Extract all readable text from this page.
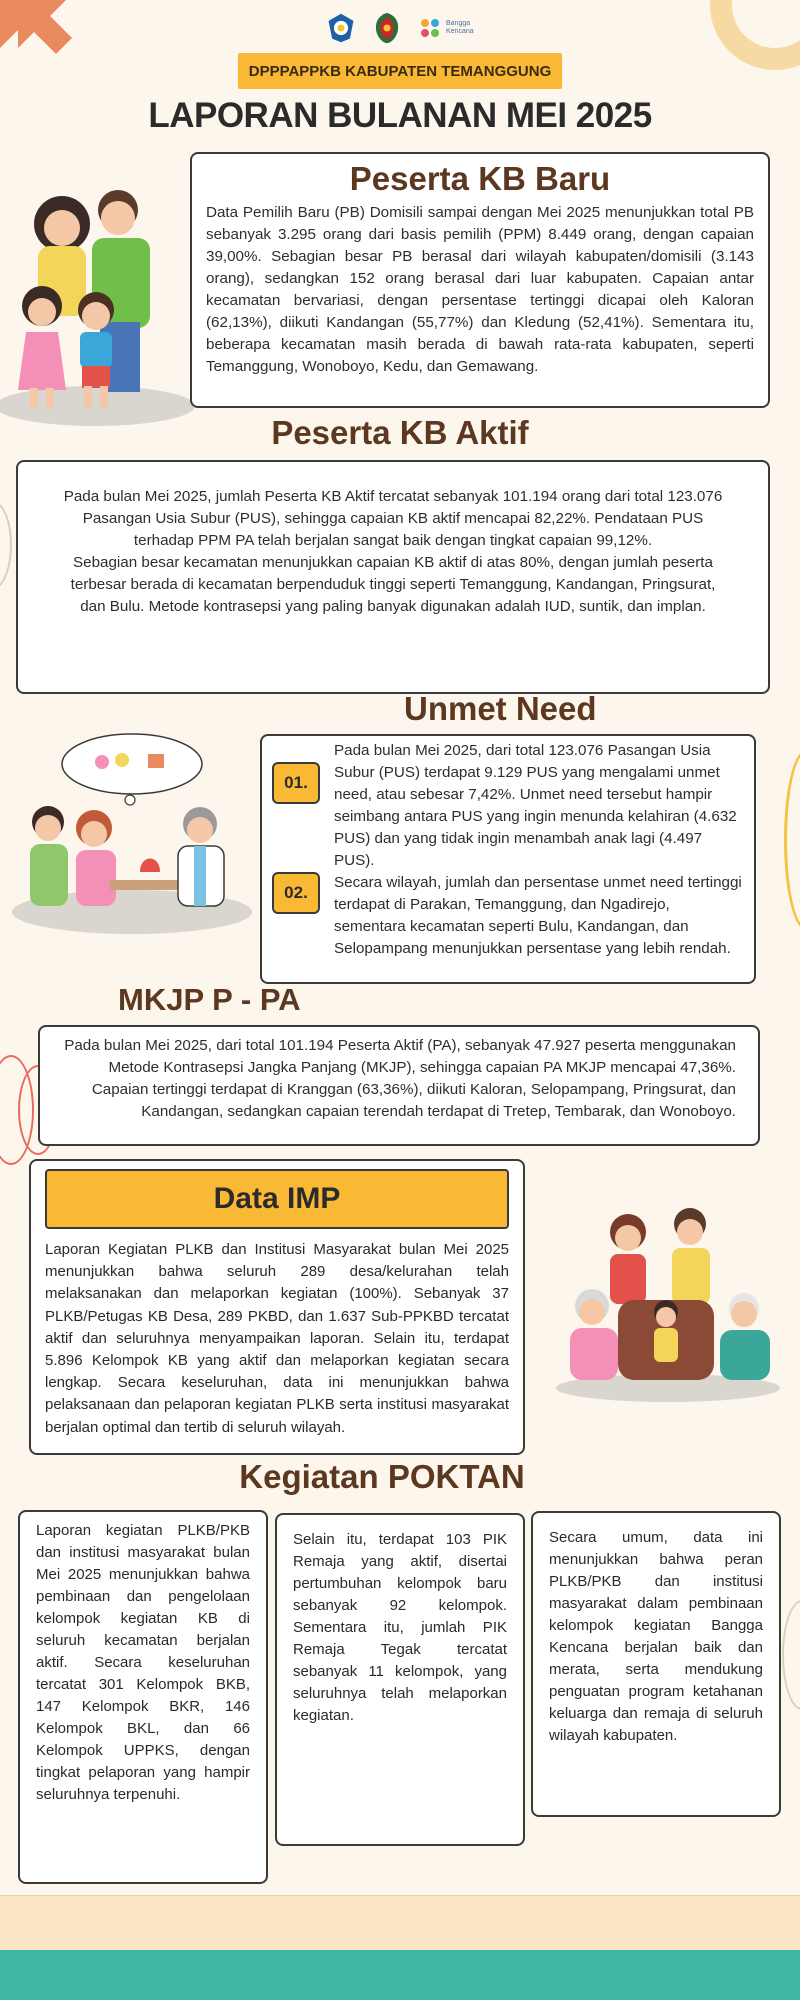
Bangga Kencana
DPPPAPPKB KABUPATEN TEMANGGUNG
LAPORAN BULANAN MEI 2025
Peserta KB Baru

Data Pemilih Baru (PB) Domisili sampai dengan Mei 2025 menunjukkan total PB sebanyak 3.295 orang dari basis pemilih (PPM) 8.449 orang, dengan capaian 39,00%. Sebagian besar PB berasal dari wilayah kabupaten/domisili (3.143 orang), sedangkan 152 orang berasal dari luar kabupaten. Capaian antar kecamatan bervariasi, dengan persentase tertinggi dicapai oleh Kaloran (62,13%), diikuti Kandangan (55,77%) dan Kledung (52,41%). Sementara itu, beberapa kecamatan masih berada di bawah rata-rata kabupaten, seperti Temanggung, Wonoboyo, Kedu, dan Gemawang.

Peserta KB Aktif

Pada bulan Mei 2025, jumlah Peserta KB Aktif tercatat sebanyak 101.194 orang dari total 123.076 Pasangan Usia Subur (PUS), sehingga capaian KB aktif mencapai 82,22%. Pendataan PUS terhadap PPM PA telah berjalan sangat baik dengan tingkat capaian 99,12%.

Sebagian besar kecamatan menunjukkan capaian KB aktif di atas 80%, dengan jumlah peserta terbesar berada di kecamatan berpenduduk tinggi seperti Temanggung, Kandangan, Pringsurat, dan Bulu. Metode kontrasepsi yang paling banyak digunakan adalah IUD, suntik, dan implan.

Unmet Need
01.

Pada bulan Mei 2025, dari total 123.076 Pasangan Usia Subur (PUS) terdapat 9.129 PUS yang mengalami unmet need, atau sebesar 7,42%. Unmet need tersebut hampir seimbang antara PUS yang ingin menunda kelahiran (4.632 PUS) dan yang tidak ingin menambah anak lagi (4.497 PUS).

02.

Secara wilayah, jumlah dan persentase unmet need tertinggi terdapat di Parakan, Temanggung, dan Ngadirejo, sementara kecamatan seperti Bulu, Kandangan, dan Selopampang menunjukkan persentase yang lebih rendah.

MKJP P - PA

Pada bulan Mei 2025, dari total 101.194 Peserta Aktif (PA), sebanyak 47.927 peserta menggunakan Metode Kontrasepsi Jangka Panjang (MKJP), sehingga capaian PA MKJP mencapai 47,36%. Capaian tertinggi terdapat di Kranggan (63,36%), diikuti Kaloran, Selopampang, Pringsurat, dan Kandangan, sedangkan capaian terendah terdapat di Tretep, Tembarak, dan Wonoboyo.

Data IMP

Laporan Kegiatan PLKB dan Institusi Masyarakat bulan Mei 2025 menunjukkan bahwa seluruh 289 desa/kelurahan telah melaksanakan dan melaporkan kegiatan (100%). Sebanyak 37 PLKB/Petugas KB Desa, 289 PKBD, dan 1.637 Sub-PPKBD tercatat aktif dan seluruhnya menyampaikan laporan. Selain itu, terdapat 5.896 Kelompok KB yang aktif dan melaporkan kegiatan secara lengkap. Secara keseluruhan, data ini menunjukkan bahwa pelaksanaan dan pelaporan kegiatan PLKB serta institusi masyarakat berjalan optimal dan tertib di seluruh wilayah.

Kegiatan POKTAN

Laporan kegiatan PLKB/PKB dan institusi masyarakat bulan Mei 2025 menunjukkan bahwa pembinaan dan pengelolaan kelompok kegiatan KB di seluruh kecamatan berjalan aktif. Secara keseluruhan tercatat 301 Kelompok BKB, 147 Kelompok BKR, 146 Kelompok BKL, dan 66 Kelompok UPPKS, dengan tingkat pelaporan yang hampir seluruhnya terpenuhi.

Selain itu, terdapat 103 PIK Remaja yang aktif, disertai pertumbuhan kelompok baru sebanyak 92 kelompok. Sementara itu, jumlah PIK Remaja Tegak tercatat sebanyak 11 kelompok, yang seluruhnya telah melaporkan kegiatan.

Secara umum, data ini menunjukkan bahwa peran PLKB/PKB dan institusi masyarakat dalam pembinaan kelompok kegiatan Bangga Kencana berjalan baik dan merata, serta mendukung penguatan program ketahanan keluarga dan remaja di seluruh wilayah kabupaten.
